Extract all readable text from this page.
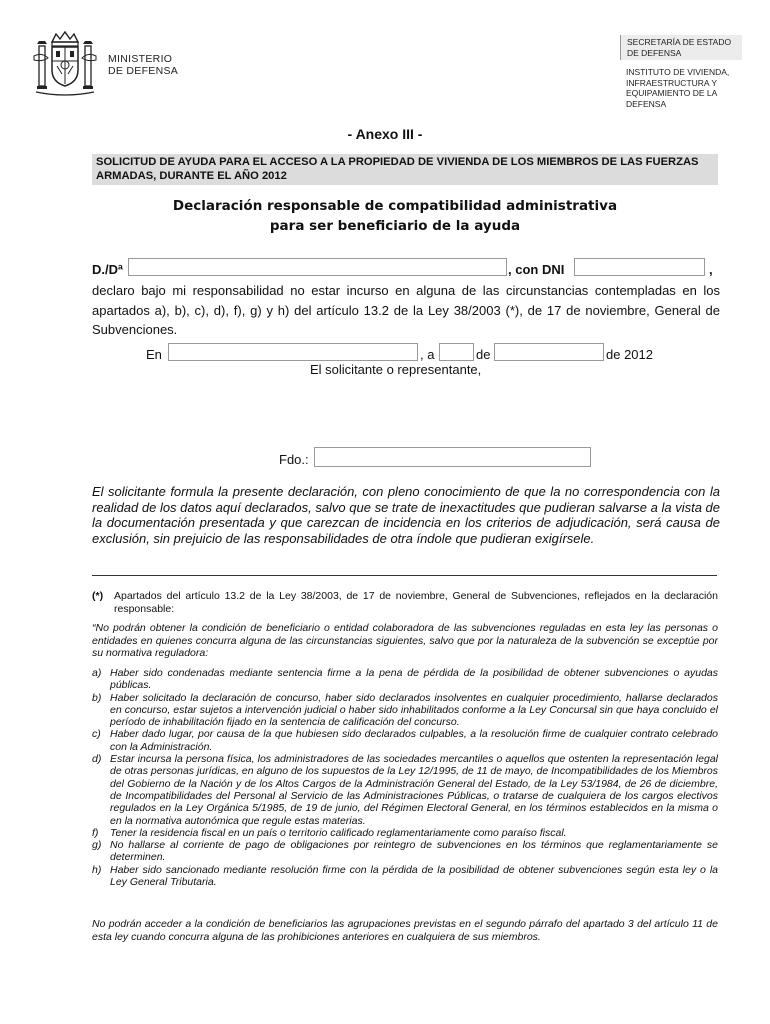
MINISTERIO
DE DEFENSA
SECRETARÍA DE ESTADO DE DEFENSA
INSTITUTO DE VIVIENDA, INFRAESTRUCTURA Y EQUIPAMIENTO DE LA DEFENSA
- Anexo III -
SOLICITUD DE AYUDA PARA EL ACCESO A LA PROPIEDAD DE VIVIENDA DE LOS MIEMBROS DE LAS FUERZAS ARMADAS, DURANTE EL AÑO 2012
Declaración responsable de compatibilidad administrativa
para ser beneficiario de la ayuda
D./Dª	, con DNI	,
declaro bajo mi responsabilidad no estar incurso en alguna de las circunstancias contempladas en los apartados a), b), c), d), f), g) y h) del artículo 13.2 de la Ley 38/2003 (*), de 17 de noviembre, General de Subvenciones.
En	, a	de	de 2012
El solicitante o representante,
Fdo.:
El solicitante formula la presente declaración, con pleno conocimiento de que la no correspondencia con la realidad de los datos aquí declarados, salvo que se trate de inexactitudes que pudieran salvarse a la vista de la documentación presentada y que carezcan de incidencia en los criterios de adjudicación, será causa de exclusión, sin prejuicio de las responsabilidades de otra índole que pudieran exigírsele.
(*) Apartados del artículo 13.2 de la Ley 38/2003, de 17 de noviembre, General de Subvenciones, reflejados en la declaración responsable:
“No podrán obtener la condición de beneficiario o entidad colaboradora de las subvenciones reguladas en esta ley las personas o entidades en quienes concurra alguna de las circunstancias siguientes, salvo que por la naturaleza de la subvención se exceptúe por su normativa reguladora:
a) Haber sido condenadas mediante sentencia firme a la pena de pérdida de la posibilidad de obtener subvenciones o ayudas públicas.
b) Haber solicitado la declaración de concurso, haber sido declarados insolventes en cualquier procedimiento, hallarse declarados en concurso, estar sujetos a intervención judicial o haber sido inhabilitados conforme a la Ley Concursal sin que haya concluido el período de inhabilitación fijado en la sentencia de calificación del concurso.
c) Haber dado lugar, por causa de la que hubiesen sido declarados culpables, a la resolución firme de cualquier contrato celebrado con la Administración.
d) Estar incursa la persona física, los administradores de las sociedades mercantiles o aquellos que ostenten la representación legal de otras personas jurídicas, en alguno de los supuestos de la Ley 12/1995, de 11 de mayo, de Incompatibilidades de los Miembros del Gobierno de la Nación y de los Altos Cargos de la Administración General del Estado, de la Ley 53/1984, de 26 de diciembre, de Incompatibilidades del Personal al Servicio de las Administraciones Públicas, o tratarse de cualquiera de los cargos electivos regulados en la Ley Orgánica 5/1985, de 19 de junio, del Régimen Electoral General, en los términos establecidos en la misma o en la normativa autonómica que regule estas materias.
f) Tener la residencia fiscal en un país o territorio calificado reglamentariamente como paraíso fiscal.
g) No hallarse al corriente de pago de obligaciones por reintegro de subvenciones en los términos que reglamentariamente se determinen.
h) Haber sido sancionado mediante resolución firme con la pérdida de la posibilidad de obtener subvenciones según esta ley o la Ley General Tributaria.
No podrán acceder a la condición de beneficiarios las agrupaciones previstas en el segundo párrafo del apartado 3 del artículo 11 de esta ley cuando concurra alguna de las prohibiciones anteriores en cualquiera de sus miembros.
